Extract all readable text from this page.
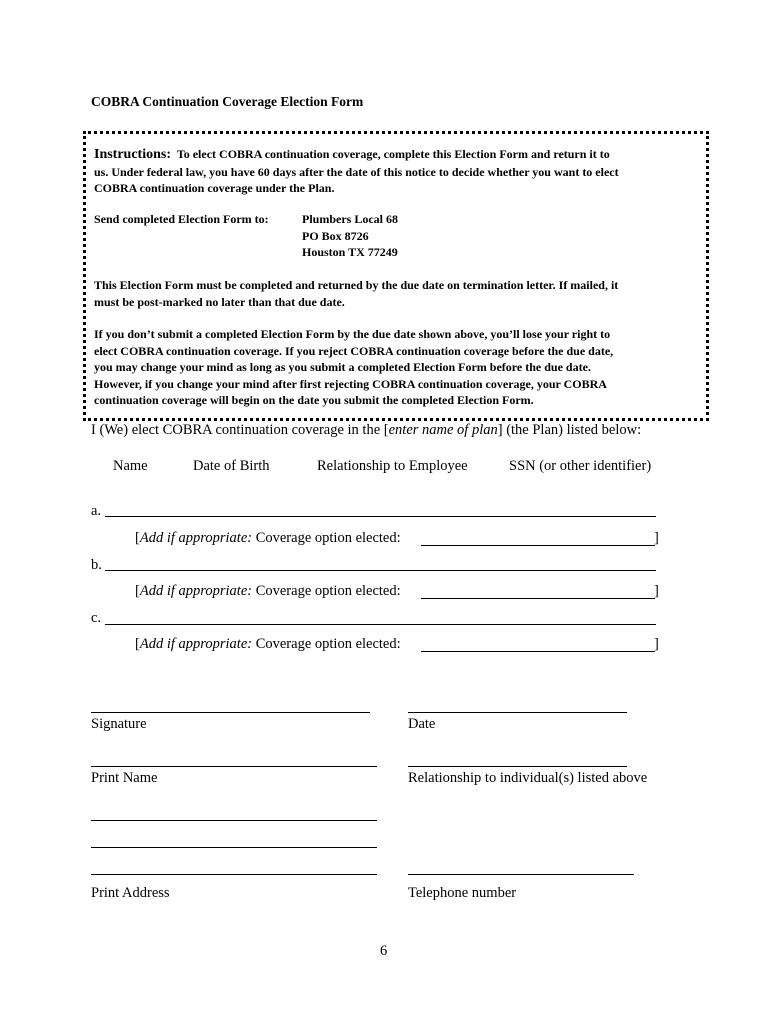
COBRA Continuation Coverage Election Form
Instructions: To elect COBRA continuation coverage, complete this Election Form and return it to
us. Under federal law, you have 60 days after the date of this notice to decide whether you want to elect
COBRA continuation coverage under the Plan.
Send completed Election Form to:	Plumbers Local 68
PO Box 8726
Houston TX 77249
This Election Form must be completed and returned by the due date on termination letter. If mailed, it
must be post-marked no later than that due date.
If you don’t submit a completed Election Form by the due date shown above, you’ll lose your right to
elect COBRA continuation coverage. If you reject COBRA continuation coverage before the due date,
you may change your mind as long as you submit a completed Election Form before the due date.
However, if you change your mind after first rejecting COBRA continuation coverage, your COBRA
continuation coverage will begin on the date you submit the completed Election Form.
I (We) elect COBRA continuation coverage in the [enter name of plan] (the Plan) listed below:
Name	Date of Birth	Relationship to Employee	SSN (or other identifier)
a.
[Add if appropriate: Coverage option elected:	]
b.
[Add if appropriate: Coverage option elected:	]
c.
[Add if appropriate: Coverage option elected:	]
Signature	Date
Print Name	Relationship to individual(s) listed above
Print Address	Telephone number
6
